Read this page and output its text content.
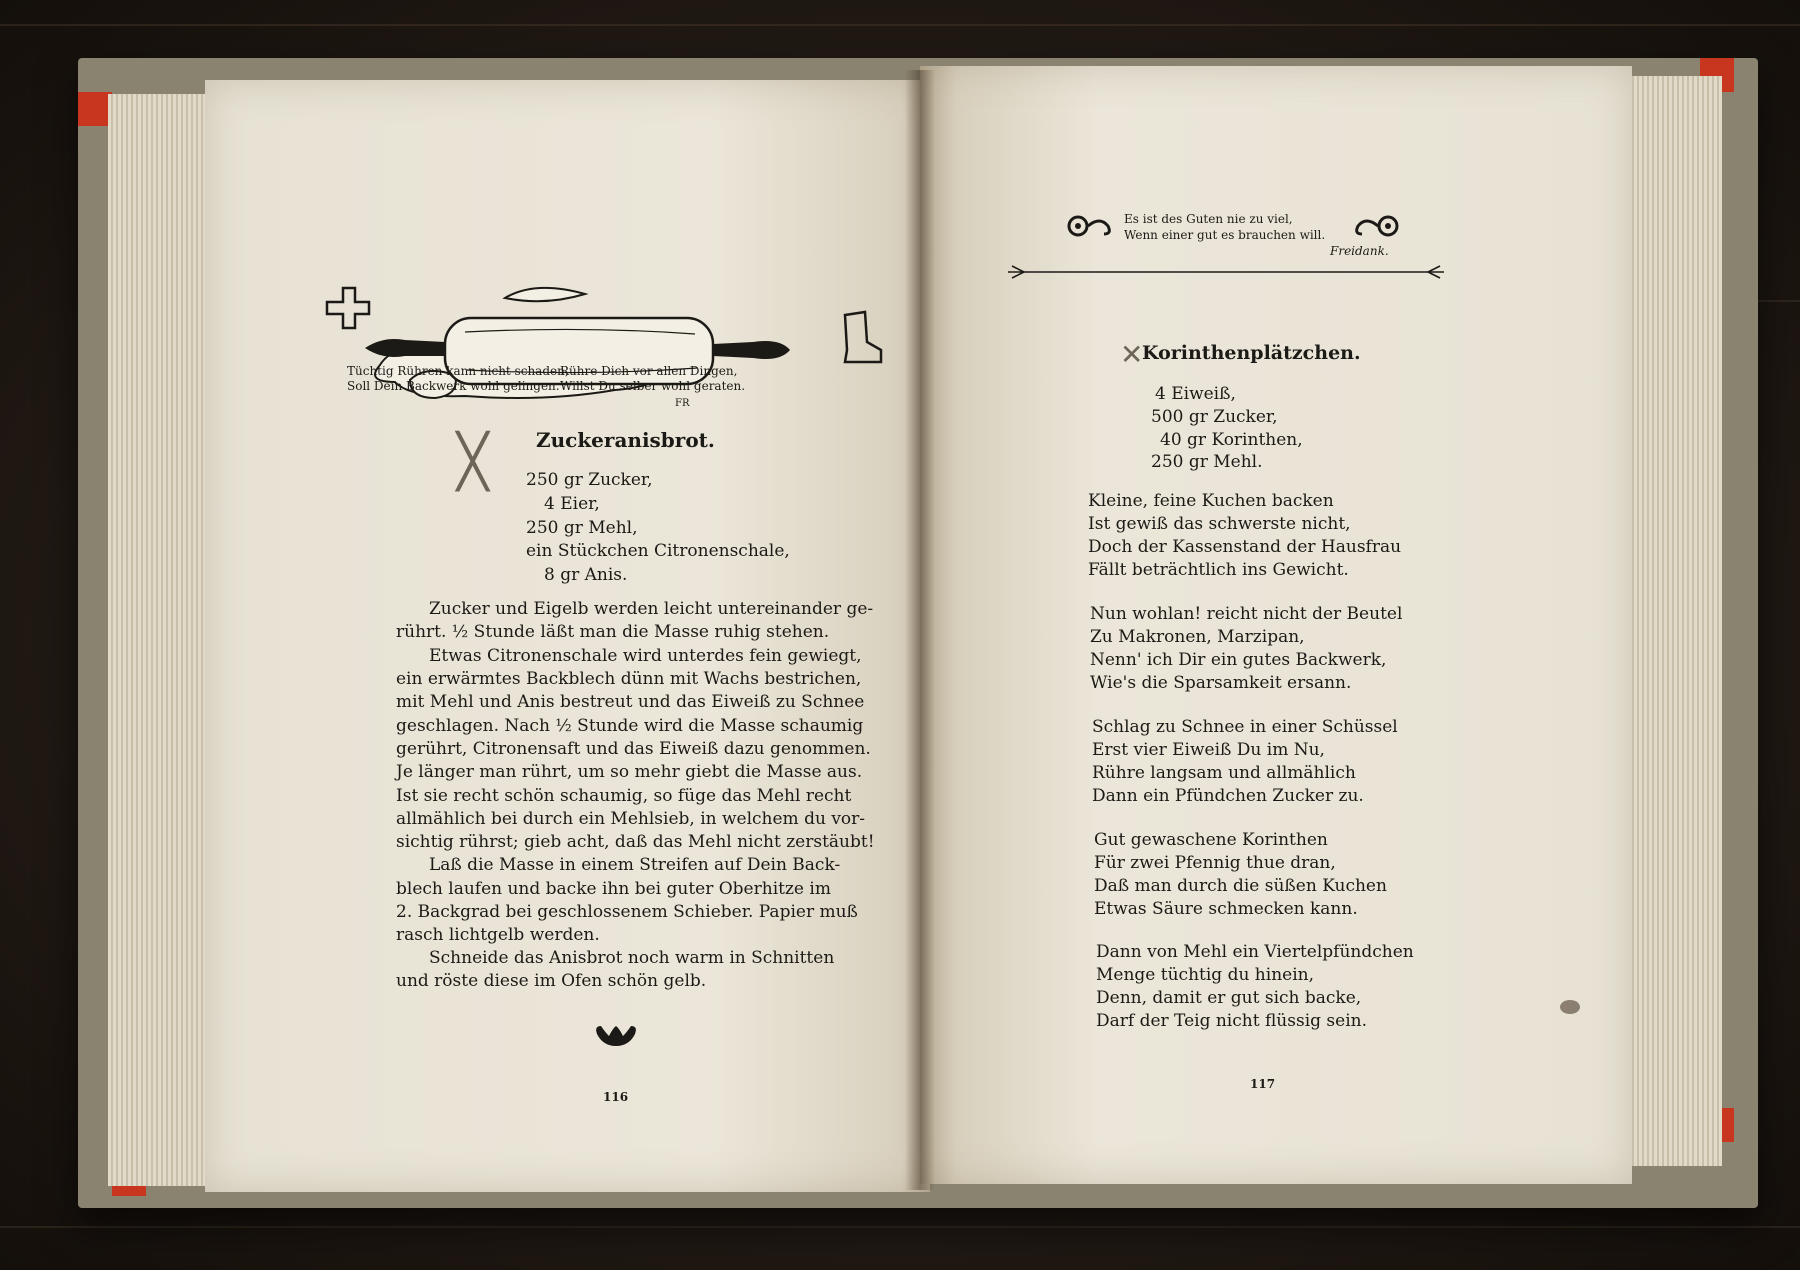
FR
Tüchtig Rühren kann nicht schaden,
Soll Dein Backwerk wohl gelingen.
Rühre Dich vor allen Dingen,
Willst Du selber wohl geraten.
╳ Zuckeranisbrot.
250 gr Zucker,
4 Eier,
250 gr Mehl,
ein Stückchen Citronenschale,
8 gr Anis.
Zucker und Eigelb werden leicht untereinander ge-
rührt. ½ Stunde läßt man die Masse ruhig stehen.
Etwas Citronenschale wird unterdes fein gewiegt,
ein erwärmtes Backblech dünn mit Wachs bestrichen,
mit Mehl und Anis bestreut und das Eiweiß zu Schnee
geschlagen. Nach ½ Stunde wird die Masse schaumig
gerührt, Citronensaft und das Eiweiß dazu genommen.
Je länger man rührt, um so mehr giebt die Masse aus.
Ist sie recht schön schaumig, so füge das Mehl recht
allmählich bei durch ein Mehlsieb, in welchem du vor-
sichtig rührst; gieb acht, daß das Mehl nicht zerstäubt!
Laß die Masse in einem Streifen auf Dein Back-
blech laufen und backe ihn bei guter Oberhitze im
2. Backgrad bei geschlossenem Schieber. Papier muß
rasch lichtgelb werden.
Schneide das Anisbrot noch warm in Schnitten
und röste diese im Ofen schön gelb.
116
Es ist des Guten nie zu viel,
Wenn einer gut es brauchen will.
Freidank.
✕
Korinthenplätzchen.
4 Eiweiß,
500 gr Zucker,
40 gr Korinthen,
250 gr Mehl.
Kleine, feine Kuchen backen
Ist gewiß das schwerste nicht,
Doch der Kassenstand der Hausfrau
Fällt beträchtlich ins Gewicht.
Nun wohlan! reicht nicht der Beutel
Zu Makronen, Marzipan,
Nenn' ich Dir ein gutes Backwerk,
Wie's die Sparsamkeit ersann.
Schlag zu Schnee in einer Schüssel
Erst vier Eiweiß Du im Nu,
Rühre langsam und allmählich
Dann ein Pfündchen Zucker zu.
Gut gewaschene Korinthen
Für zwei Pfennig thue dran,
Daß man durch die süßen Kuchen
Etwas Säure schmecken kann.
Dann von Mehl ein Viertelpfündchen
Menge tüchtig du hinein,
Denn, damit er gut sich backe,
Darf der Teig nicht flüssig sein.
117
